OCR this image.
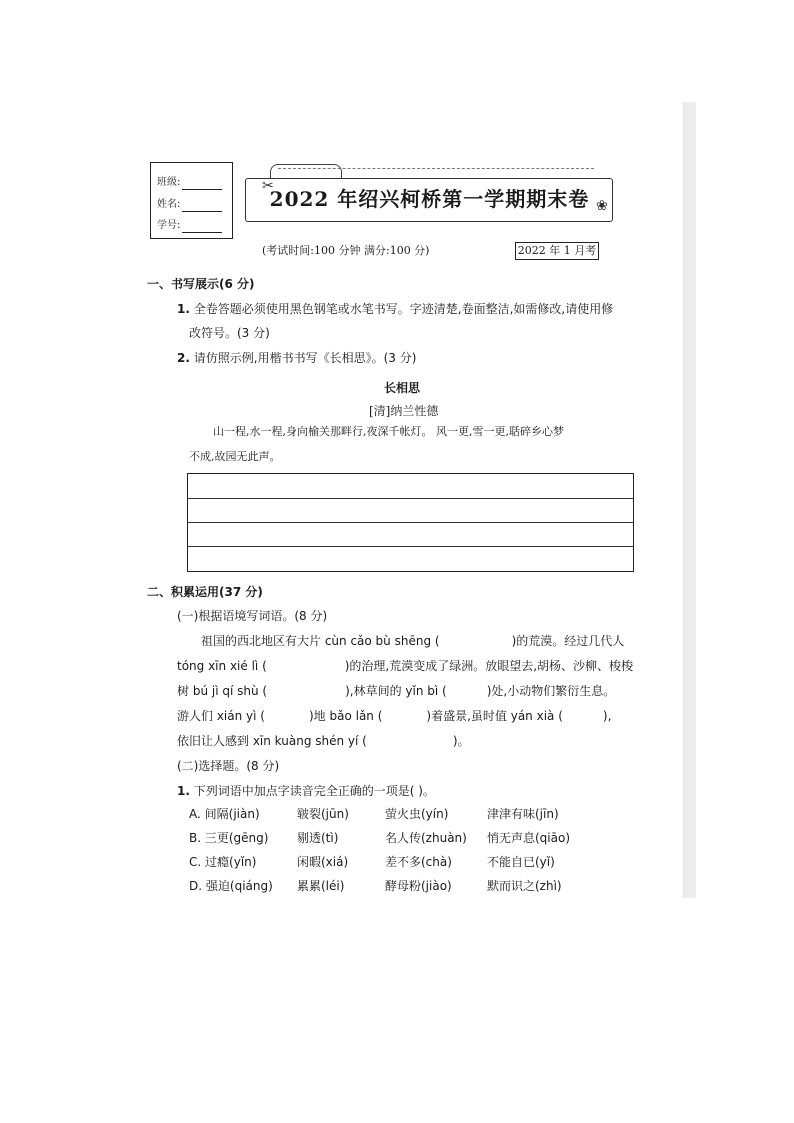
班级:
姓名:
学号:
✂
❀
2022 年绍兴柯桥第一学期期末卷
(考试时间:100 分钟 满分:100 分)	2022 年 1 月考
一、书写展示(6 分)
1. 全卷答题必须使用黑色钢笔或水笔书写。字迹清楚,卷面整洁,如需修改,请使用修
改符号。(3 分)
2. 请仿照示例,用楷书书写《长相思》。(3 分)
长相思
[清]纳兰性德
山一程,水一程,身向榆关那畔行,夜深千帐灯。 风一更,雪一更,聒碎乡心梦
不成,故园无此声。
二、积累运用(37 分)
(一)根据语境写词语。(8 分)
祖国的西北地区有大片 cùn cǎo bù shēng (	)的荒漠。经过几代人
tóng xīn xié lì (	)的治理,荒漠变成了绿洲。放眼望去,胡杨、沙柳、梭梭
树 bú jì qí shù (	),林草间的 yǐn bì (	)处,小动物们繁衍生息。
游人们 xián yì (	)地 bǎo lǎn (	)着盛景,虽时值 yán xià (	),
依旧让人感到 xīn kuàng shén yí (	)。
(二)选择题。(8 分)
1. 下列词语中加点字读音完全正确的一项是( )。
A. 间隔(jiàn)	皲裂(jūn)	萤火虫(yín)	津津有味(jīn)
B. 三更(gēng) 剔透(tì)	名人传(zhuàn) 悄无声息(qiāo)
C. 过瘾(yǐn)	闲暇(xiá)	差不多(chà)	不能自已(yǐ)
D. 强迫(qiáng) 累累(léi)	酵母粉(jiào)	默而识之(zhì)
